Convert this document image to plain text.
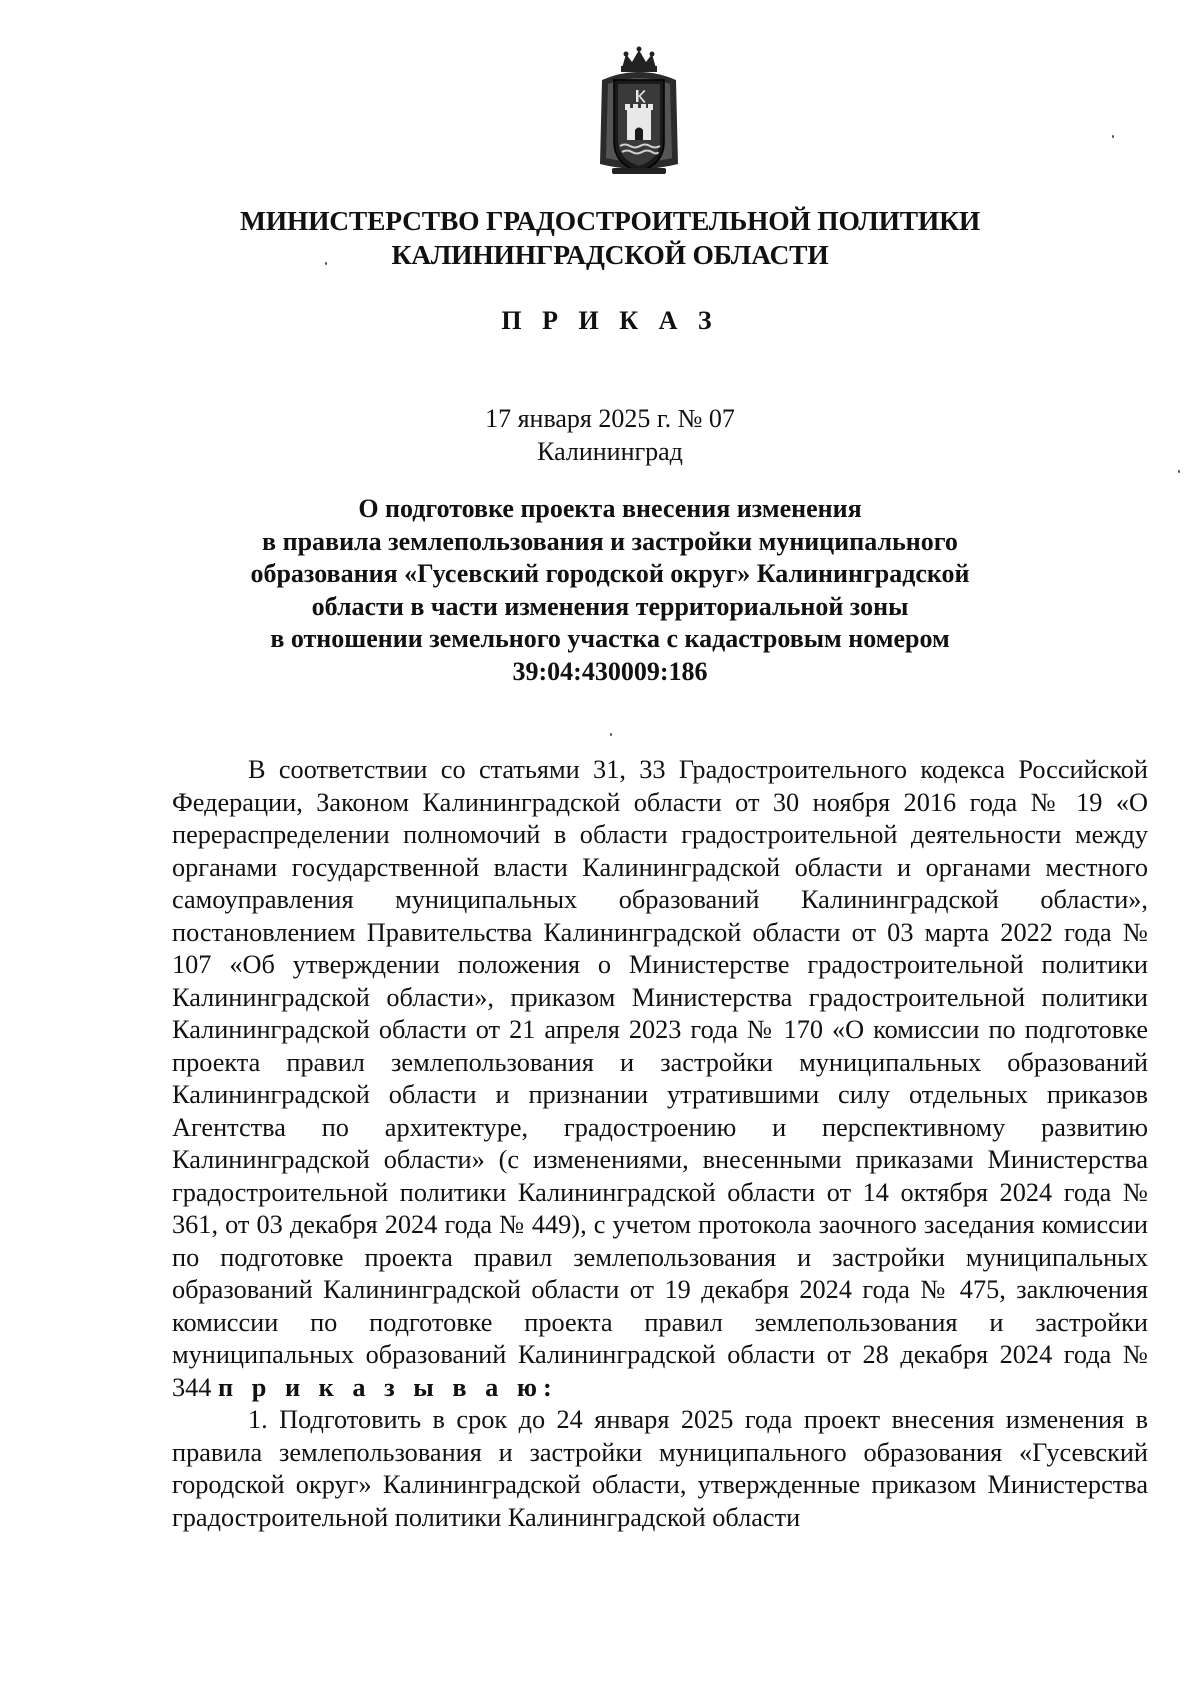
МИНИСТЕРСТВО ГРАДОСТРОИТЕЛЬНОЙ ПОЛИТИКИ
КАЛИНИНГРАДСКОЙ ОБЛАСТИ
П Р И К А З
17 января 2025 г. № 07
Калининград
О подготовке проекта внесения изменения
в правила землепользования и застройки муниципального
образования «Гусевский городской округ» Калининградской
области в части изменения территориальной зоны
в отношении земельного участка с кадастровым номером
39:04:430009:186

В соответствии со статьями 31, 33 Градостроительного кодекса Российской Федерации, Законом Калининградской области от 30 ноября 2016 года № 19 «О перераспределении полномочий в области градостроительной деятельности между органами государственной власти Калининградской области и органами местного самоуправления муниципальных образований Калининградской области», постановлением Правительства Калининградской области от 03 марта 2022 года № 107 «Об утверждении положения о Министерстве градостроительной политики Калининградской области», приказом Министерства градостроительной политики Калининградской области от 21 апреля 2023 года № 170 «О комиссии по подготовке проекта правил землепользования и застройки муниципальных образований Калининградской области и признании утратившими силу отдельных приказов Агентства по архитектуре, градостроению и перспективному развитию Калининградской области» (с изменениями, внесенными приказами Министерства градостроительной политики Калининградской области от 14 октября 2024 года № 361, от 03 декабря 2024 года № 449), с учетом протокола заочного заседания комиссии по подготовке проекта правил землепользования и застройки муниципальных образований Калининградской области от 19 декабря 2024 года № 475, заключения комиссии по подготовке проекта правил землепользования и застройки муниципальных образований Калининградской области от 28 декабря 2024 года № 344 п р и к а з ы в а ю:

1. Подготовить в срок до 24 января 2025 года проект внесения изменения в правила землепользования и застройки муниципального образования «Гусевский городской округ» Калининградской области, утвержденные приказом Министерства градостроительной политики Калининградской области
